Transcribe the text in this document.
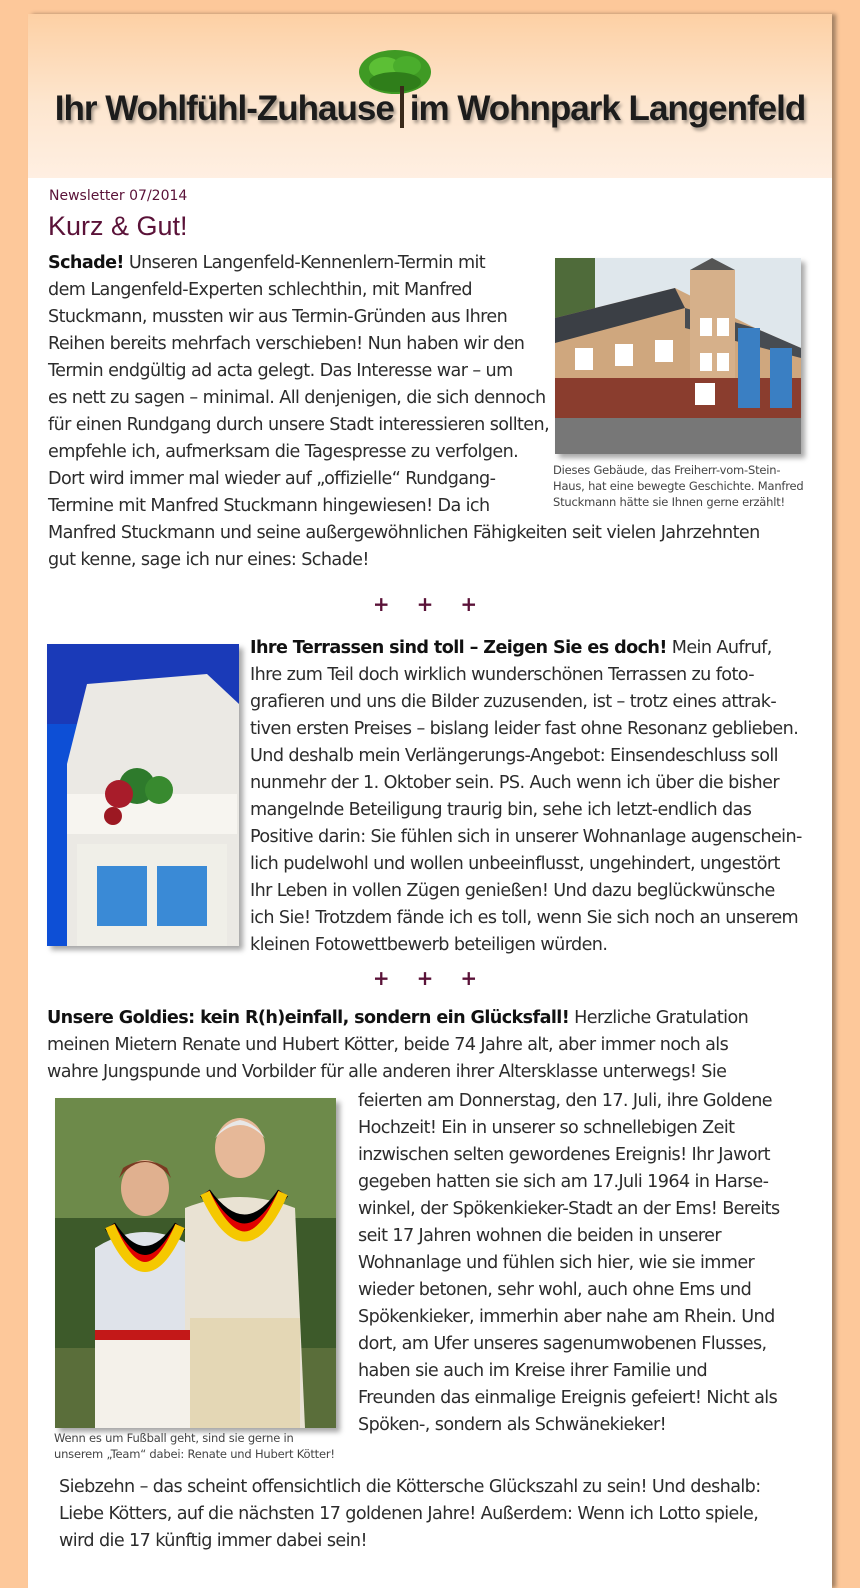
Ihr Wohlfühl-Zuhause im Wohnpark Langenfeld
Newsletter 07/2014
Kurz & Gut!
Schade! Unseren Langenfeld-Kennenlern-Termin mit
dem Langenfeld-Experten schlechthin, mit Manfred
Stuckmann, mussten wir aus Termin-Gründen aus Ihren
Reihen bereits mehrfach verschieben! Nun haben wir den
Termin endgültig ad acta gelegt. Das Interesse war – um
es nett zu sagen – minimal. All denjenigen, die sich dennoch
für einen Rundgang durch unsere Stadt interessieren sollten,
empfehle ich, aufmerksam die Tagespresse zu verfolgen.
Dort wird immer mal wieder auf „offizielle“ Rundgang-
Termine mit Manfred Stuckmann hingewiesen! Da ich
Manfred Stuckmann und seine außergewöhnlichen Fähigkeiten seit vielen Jahrzehnten
gut kenne, sage ich nur eines: Schade!
Dieses Gebäude, das Freiherr-vom-Stein-
Haus, hat eine bewegte Geschichte. Manfred
Stuckmann hätte sie Ihnen gerne erzählt!
+ + +
Ihre Terrassen sind toll – Zeigen Sie es doch! Mein Aufruf,
Ihre zum Teil doch wirklich wunderschönen Terrassen zu foto-
grafieren und uns die Bilder zuzusenden, ist – trotz eines attrak-
tiven ersten Preises – bislang leider fast ohne Resonanz geblieben.
Und deshalb mein Verlängerungs-Angebot: Einsendeschluss soll
nunmehr der 1. Oktober sein. PS. Auch wenn ich über die bisher
mangelnde Beteiligung traurig bin, sehe ich letzt-endlich das
Positive darin: Sie fühlen sich in unserer Wohnanlage augenschein-
lich pudelwohl und wollen unbeeinflusst, ungehindert, ungestört
Ihr Leben in vollen Zügen genießen! Und dazu beglückwünsche
ich Sie! Trotzdem fände ich es toll, wenn Sie sich noch an unserem
kleinen Fotowettbewerb beteiligen würden.
+ + +
Unsere Goldies: kein R(h)einfall, sondern ein Glücksfall! Herzliche Gratulation
meinen Mietern Renate und Hubert Kötter, beide 74 Jahre alt, aber immer noch als
wahre Jungspunde und Vorbilder für alle anderen ihrer Altersklasse unterwegs! Sie
Wenn es um Fußball geht, sind sie gerne in
unserem „Team“ dabei: Renate und Hubert Kötter!
feierten am Donnerstag, den 17. Juli, ihre Goldene
Hochzeit! Ein in unserer so schnellebigen Zeit
inzwischen selten gewordenes Ereignis! Ihr Jawort
gegeben hatten sie sich am 17.Juli 1964 in Harse-
winkel, der Spökenkieker-Stadt an der Ems! Bereits
seit 17 Jahren wohnen die beiden in unserer
Wohnanlage und fühlen sich hier, wie sie immer
wieder betonen, sehr wohl, auch ohne Ems und
Spökenkieker, immerhin aber nahe am Rhein. Und
dort, am Ufer unseres sagenumwobenen Flusses,
haben sie auch im Kreise ihrer Familie und
Freunden das einmalige Ereignis gefeiert! Nicht als
Spöken-, sondern als Schwänekieker!
Siebzehn – das scheint offensichtlich die Köttersche Glückszahl zu sein! Und deshalb:
Liebe Kötters, auf die nächsten 17 goldenen Jahre! Außerdem: Wenn ich Lotto spiele,
wird die 17 künftig immer dabei sein!
